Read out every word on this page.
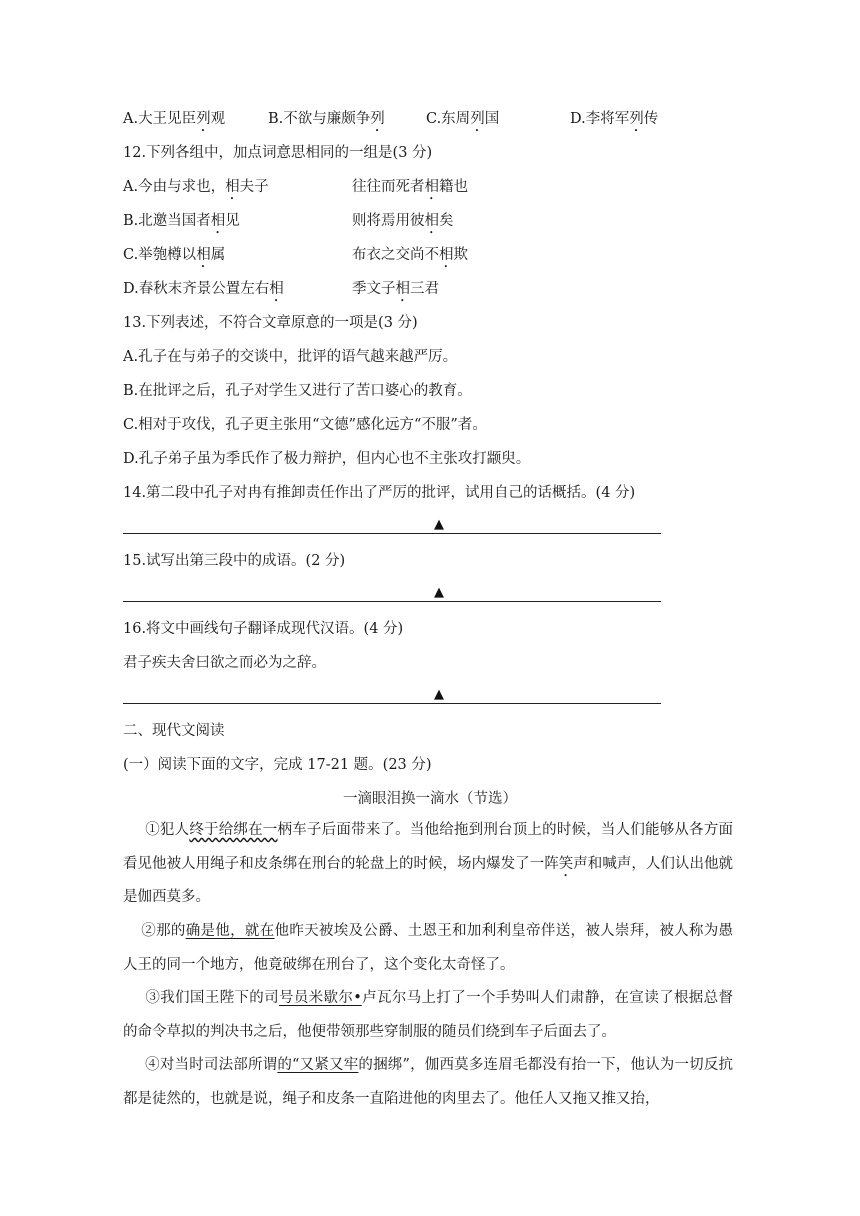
A.大王见臣列观	B.不欲与廉颇争列	C.东周列国	D.李将军列传
12.下列各组中，加点词意思相同的一组是(3 分)
A.今由与求也，相夫子	往往而死者相籍也
B.北邀当国者相见	则将焉用彼相矣
C.举匏樽以相属	布衣之交尚不相欺
D.春秋末齐景公置左右相	季文子相三君
13.下列表述，不符合文章原意的一项是(3 分)
A.孔子在与弟子的交谈中，批评的语气越来越严厉。
B.在批评之后，孔子对学生又进行了苦口婆心的教育。
C.相对于攻伐，孔子更主张用“文德”感化远方“不服”者。
D.孔子弟子虽为季氏作了极力辩护，但内心也不主张攻打颛臾。
14.第二段中孔子对冉有推卸责任作出了严厉的批评，试用自己的话概括。(4 分)
▲
15.试写出第三段中的成语。(2 分)
▲
16.将文中画线句子翻译成现代汉语。(4 分)
君子疾夫舍曰欲之而必为之辞。
▲
二、现代文阅读
(一）阅读下面的文字，完成 17-21 题。(23 分)
一滴眼泪换一滴水（节选）
①犯人终于给绑在一柄车子后面带来了。当他给拖到刑台顶上的时候，当人们能够从各方面看见他被人用绳子和皮条绑在刑台的轮盘上的时候，场内爆发了一阵笑声和喊声，人们认出他就是伽西莫多。
②那的确是他，就在他昨天被埃及公爵、土恩王和加利利皇帝伴送，被人崇拜，被人称为愚人王的同一个地方，他竟破绑在刑台了，这个变化太奇怪了。
③我们国王陛下的司号员米歇尔•卢瓦尔马上打了一个手势叫人们肃静，在宣读了根据总督的命令草拟的判决书之后，他便带领那些穿制服的随员们绕到车子后面去了。
④对当时司法部所谓的“又紧又牢的捆绑”，伽西莫多连眉毛都没有抬一下，他认为一切反抗都是徒然的，也就是说，绳子和皮条一直陷进他的肉里去了。他任人又拖又推又抬，
